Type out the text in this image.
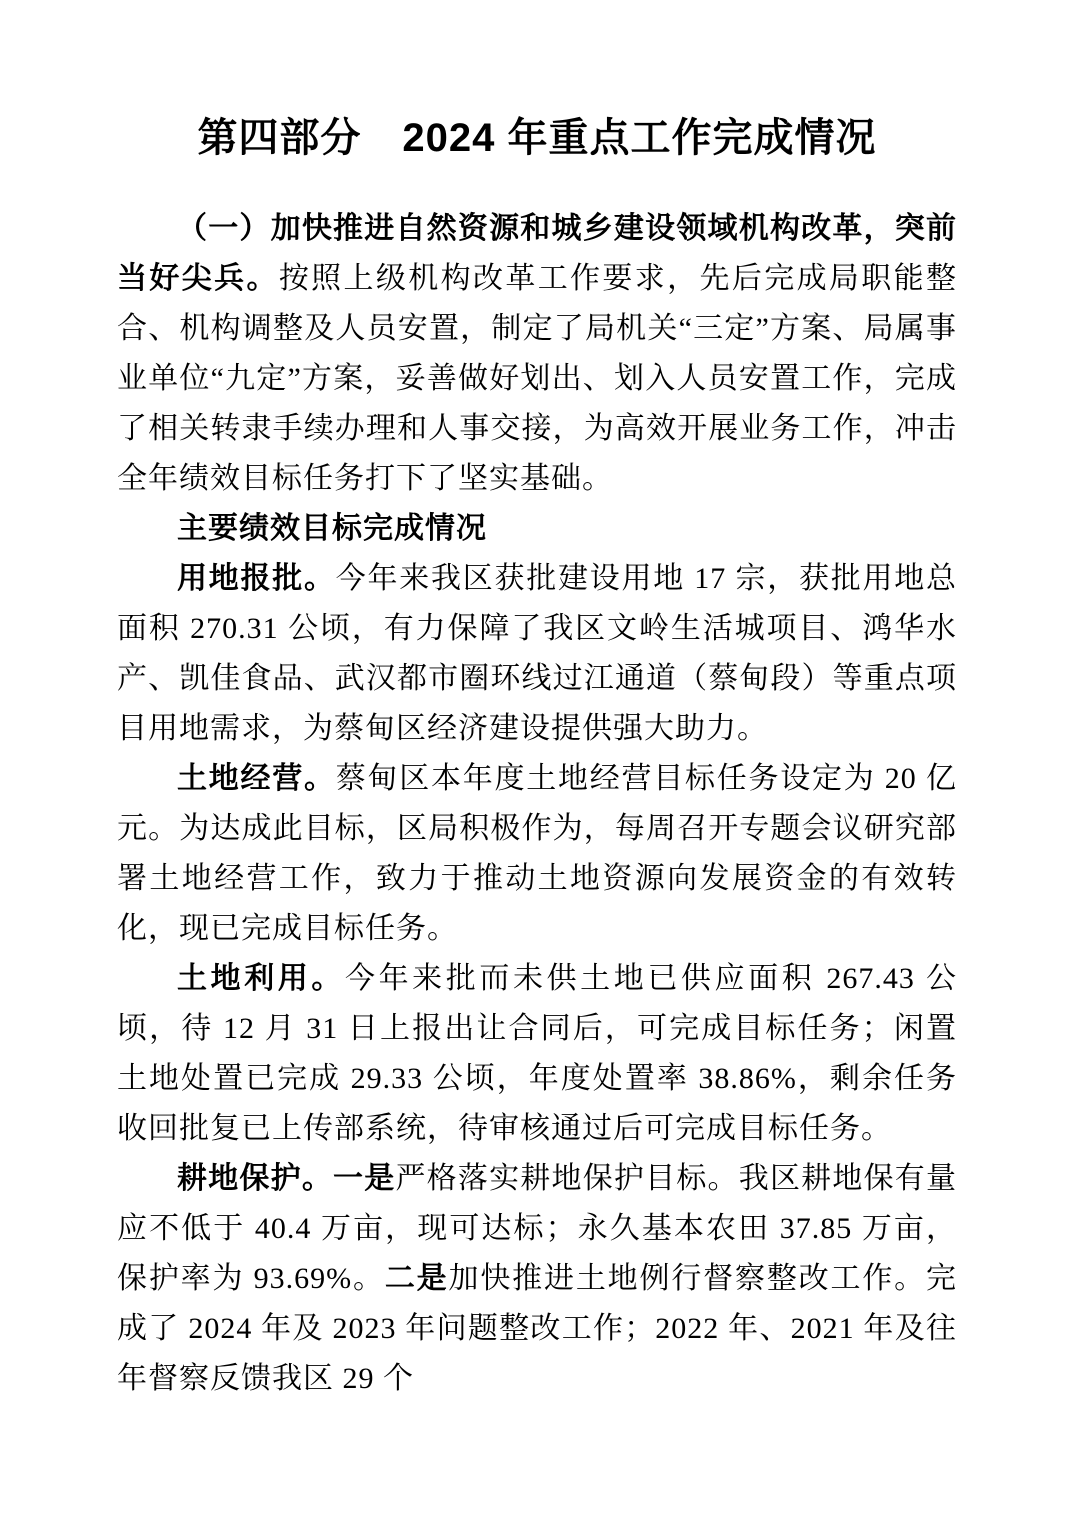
第四部分　2024 年重点工作完成情况

（一）加快推进自然资源和城乡建设领域机构改革，突前当好尖兵。按照上级机构改革工作要求，先后完成局职能整合、机构调整及人员安置，制定了局机关“三定”方案、局属事业单位“九定”方案，妥善做好划出、划入人员安置工作，完成了相关转隶手续办理和人事交接，为高效开展业务工作，冲击全年绩效目标任务打下了坚实基础。

主要绩效目标完成情况

用地报批。今年来我区获批建设用地 17 宗，获批用地总面积 270.31 公顷，有力保障了我区文岭生活城项目、鸿华水产、凯佳食品、武汉都市圈环线过江通道（蔡甸段）等重点项目用地需求，为蔡甸区经济建设提供强大助力。

土地经营。蔡甸区本年度土地经营目标任务设定为 20 亿元。为达成此目标，区局积极作为，每周召开专题会议研究部署土地经营工作，致力于推动土地资源向发展资金的有效转化，现已完成目标任务。

土地利用。今年来批而未供土地已供应面积 267.43 公顷，待 12 月 31 日上报出让合同后，可完成目标任务；闲置土地处置已完成 29.33 公顷，年度处置率 38.86%，剩余任务收回批复已上传部系统，待审核通过后可完成目标任务。

耕地保护。一是严格落实耕地保护目标。我区耕地保有量应不低于 40.4 万亩，现可达标；永久基本农田 37.85 万亩，保护率为 93.69%。二是加快推进土地例行督察整改工作。完成了 2024 年及 2023 年问题整改工作；2022 年、2021 年及往年督察反馈我区 29 个
